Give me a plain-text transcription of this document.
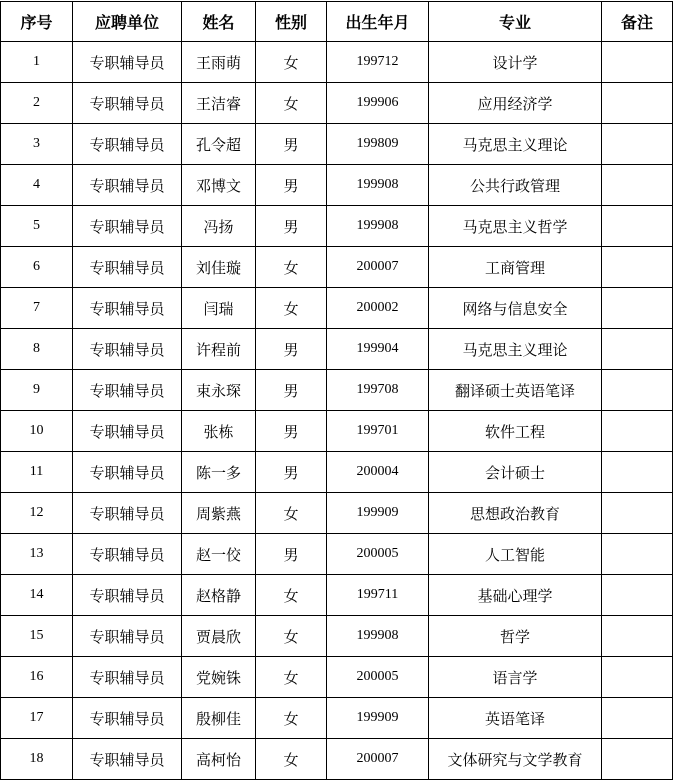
序号	应聘单位	姓名	性别	出生年月	专业	备注
1	专职辅导员	王雨萌	女	199712	设计学	
2	专职辅导员	王洁睿	女	199906	应用经济学	
3	专职辅导员	孔令超	男	199809	马克思主义理论	
4	专职辅导员	邓博文	男	199908	公共行政管理	
5	专职辅导员	冯扬	男	199908	马克思主义哲学	
6	专职辅导员	刘佳璇	女	200007	工商管理	
7	专职辅导员	闫瑞	女	200002	网络与信息安全	
8	专职辅导员	许程前	男	199904	马克思主义理论	
9	专职辅导员	束永琛	男	199708	翻译硕士英语笔译	
10	专职辅导员	张栋	男	199701	软件工程	
11	专职辅导员	陈一多	男	200004	会计硕士	
12	专职辅导员	周紫燕	女	199909	思想政治教育	
13	专职辅导员	赵一佼	男	200005	人工智能	
14	专职辅导员	赵格静	女	199711	基础心理学	
15	专职辅导员	贾晨欣	女	199908	哲学	
16	专职辅导员	党婉铢	女	200005	语言学	
17	专职辅导员	殷柳佳	女	199909	英语笔译	
18	专职辅导员	高柯怡	女	200007	文体研究与文学教育	
